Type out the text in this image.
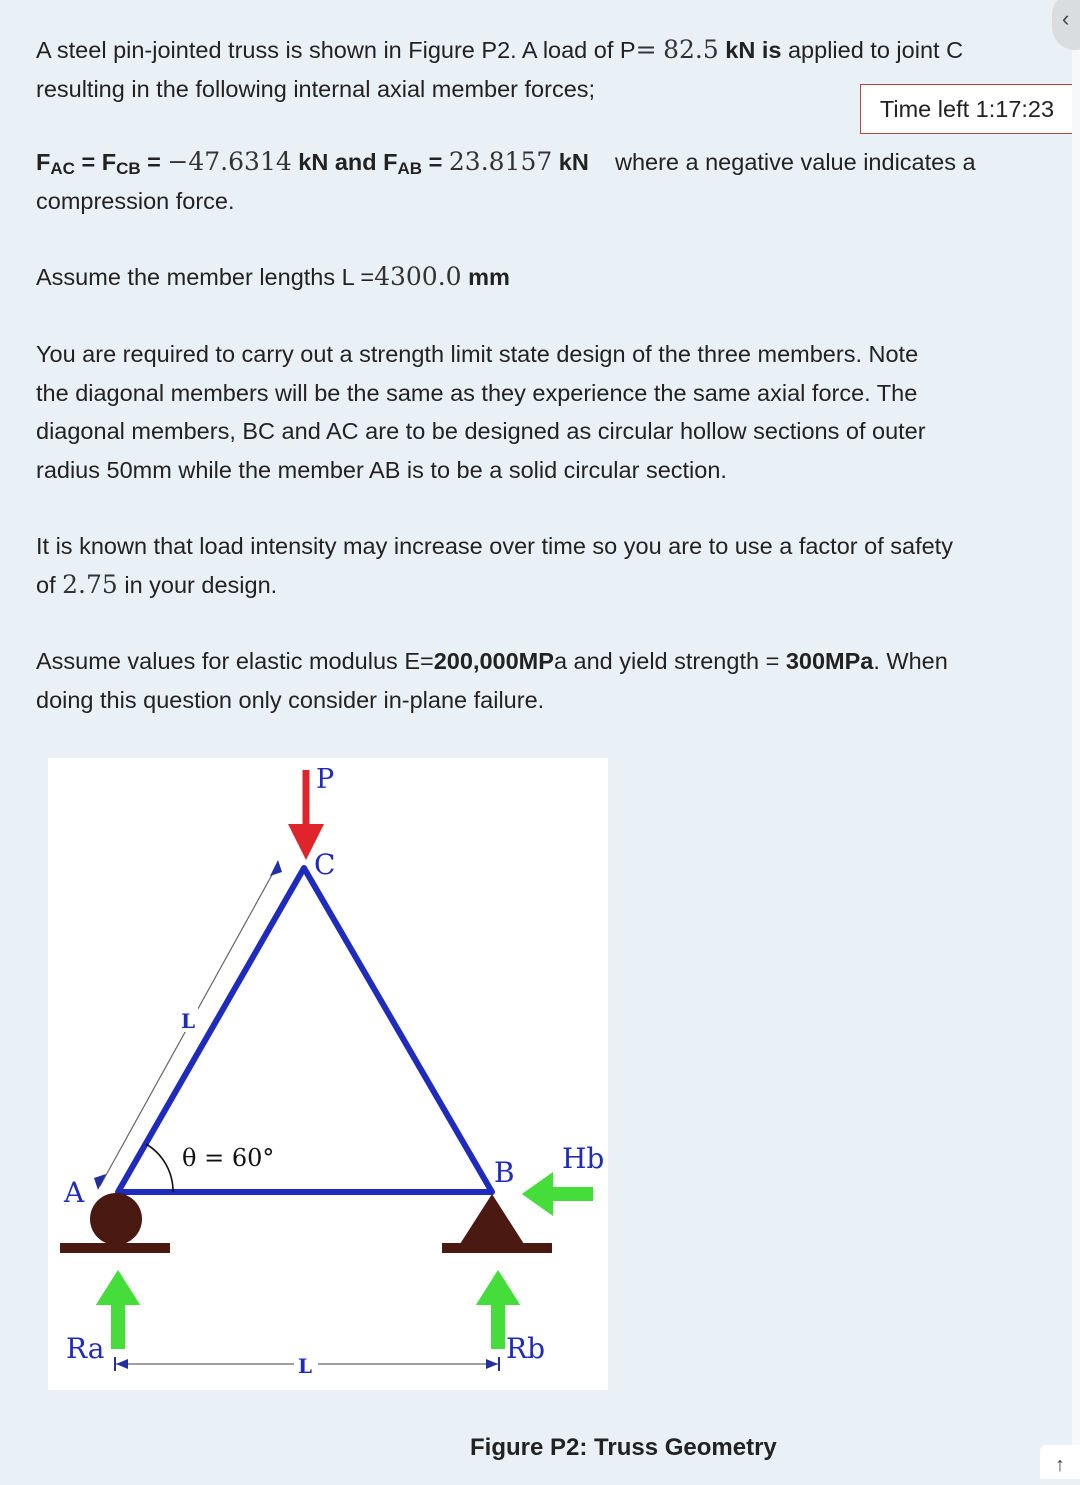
A steel pin-jointed truss is shown in Figure P2. A load of P= 82.5 kN is applied to joint C
resulting in the following internal axial member forces;

Time left 1:17:23

$F_{AC} = F_{CB} = -47.6314$ kN and $F_{AB} = 23.8157$ kN where a negative value indicates a
compression force.

Assume the member lengths L =4300.0 mm

You are required to carry out a strength limit state design of the three members. Note
the diagonal members will be the same as they experience the same axial force. The
diagonal members, BC and AC are to be designed as circular hollow sections of outer
radius 50mm while the member AB is to be a solid circular section.

It is known that load intensity may increase over time so you are to use a factor of safety
of 2.75 in your design.

Assume values for elastic modulus E=200,000MPa and yield strength = 300MPa. When
doing this question only consider in-plane failure.

L
θ = 60°
P
C
A
B Hb
Ra	Rb
L

Figure P2: Truss Geometry

‹
↑
